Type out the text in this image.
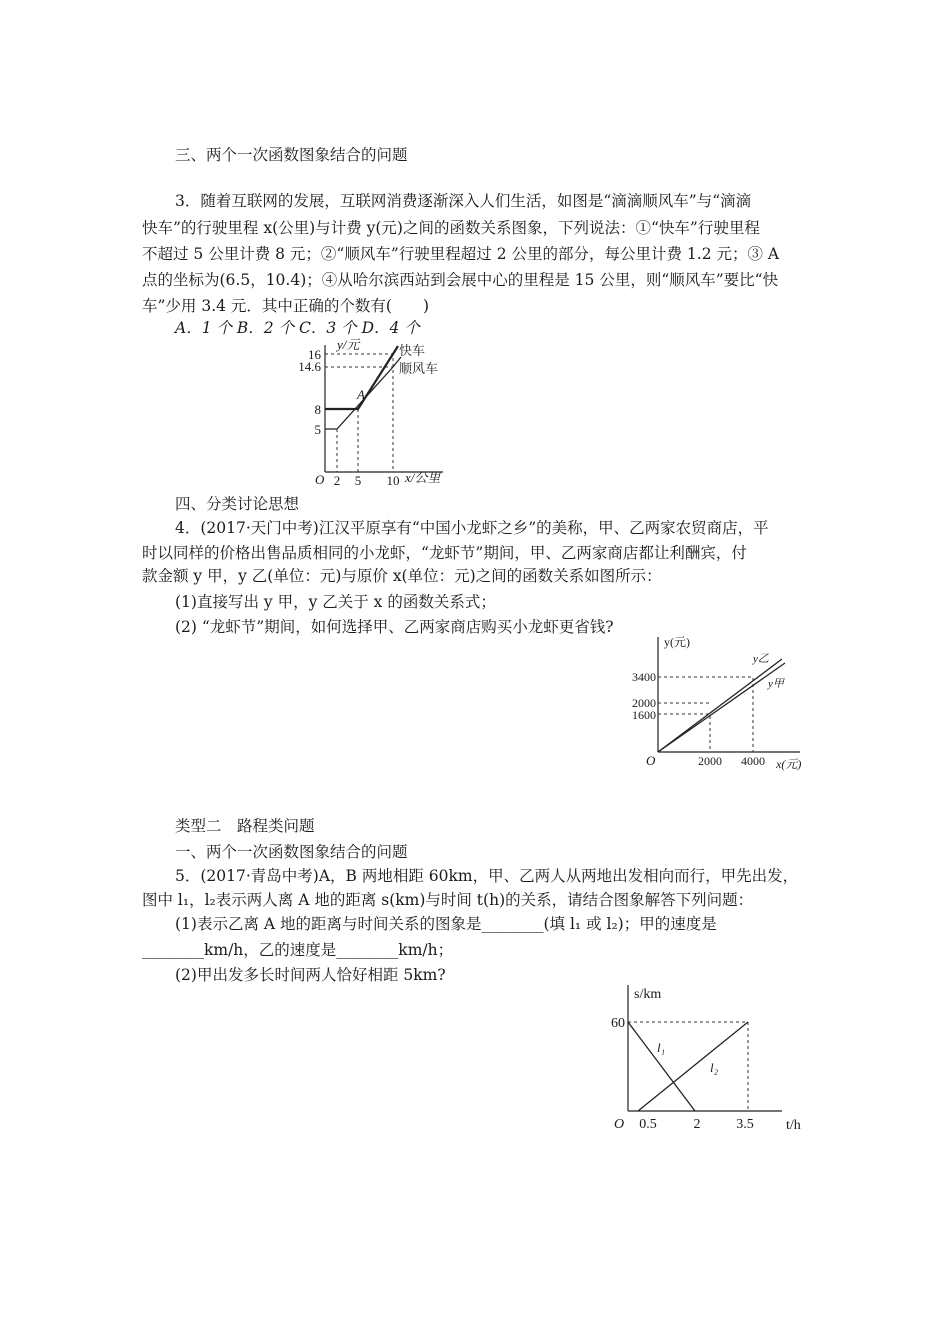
三、两个一次函数图象结合的问题
3．随着互联网的发展，互联网消费逐渐深入人们生活，如图是“滴滴顺风车”与“滴滴
快车”的行驶里程 x(公里)与计费 y(元)之间的函数关系图象，下列说法：①“快车”行驶里程
不超过 5 公里计费 8 元；②“顺风车”行驶里程超过 2 公里的部分，每公里计费 1.2 元；③ A
点的坐标为(6.5，10.4)；④从哈尔滨西站到会展中心的里程是 15 公里，则“顺风车”要比“快
车”少用 3.4 元．其中正确的个数有(　　)
A．1 个 B．2 个 C．3 个 D．4 个
y/元
x/公里
O 2 5 10
16
14.6
8
5
A
快车
顺风车
四、分类讨论思想
4．(2017·天门中考)江汉平原享有“中国小龙虾之乡”的美称，甲、乙两家农贸商店，平
时以同样的价格出售品质相同的小龙虾，“龙虾节”期间，甲、乙两家商店都让利酬宾，付
款金额 y 甲，y 乙(单位：元)与原价 x(单位：元)之间的函数关系如图所示：
(1)直接写出 y 甲，y 乙关于 x 的函数关系式；
(2) “龙虾节”期间，如何选择甲、乙两家商店购买小龙虾更省钱?
y(元)
x(元)
O	2000 4000
3400
2000
1600
y乙
y甲
类型二　路程类问题
一、两个一次函数图象结合的问题
5．(2017·青岛中考)A，B 两地相距 60km，甲、乙两人从两地出发相向而行，甲先出发，
图中 l₁，l₂表示两人离 A 地的距离 s(km)与时间 t(h)的关系，请结合图象解答下列问题：
(1)表示乙离 A 地的距离与时间关系的图象是________(填 l₁ 或 l₂)；甲的速度是
________km/h，乙的速度是________km/h；
(2)甲出发多长时间两人恰好相距 5km?
s/km
t/h
O 0.5	2	3.5
60
l₁
l₂
